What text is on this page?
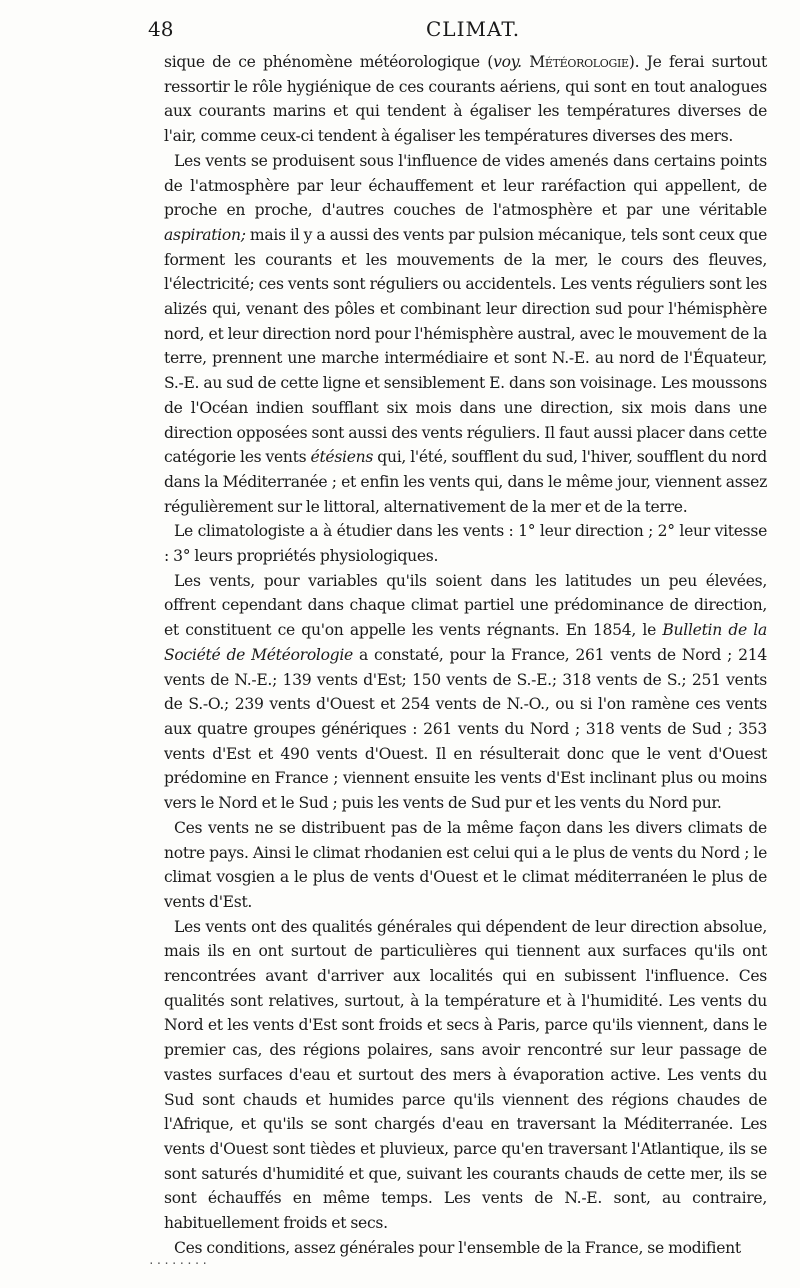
48	CLIMAT.

sique de ce phénomène météorologique (voy. Météorologie). Je ferai surtout ressortir le rôle hygiénique de ces courants aériens, qui sont en tout analogues aux courants marins et qui tendent à égaliser les températures diverses de l'air, comme ceux-ci tendent à égaliser les températures diverses des mers.

Les vents se produisent sous l'influence de vides amenés dans certains points de l'atmosphère par leur échauffement et leur raréfaction qui appellent, de proche en proche, d'autres couches de l'atmosphère et par une véritable aspiration; mais il y a aussi des vents par pulsion mécanique, tels sont ceux que forment les courants et les mouvements de la mer, le cours des fleuves, l'électricité; ces vents sont réguliers ou accidentels. Les vents réguliers sont les alizés qui, venant des pôles et combinant leur direction sud pour l'hémisphère nord, et leur direction nord pour l'hémisphère austral, avec le mouvement de la terre, prennent une marche intermédiaire et sont N.-E. au nord de l'Équateur, S.-E. au sud de cette ligne et sensiblement E. dans son voisinage. Les moussons de l'Océan indien soufflant six mois dans une direction, six mois dans une direction opposées sont aussi des vents réguliers. Il faut aussi placer dans cette catégorie les vents étésiens qui, l'été, soufflent du sud, l'hiver, soufflent du nord dans la Méditerranée ; et enfin les vents qui, dans le même jour, viennent assez régulièrement sur le littoral, alternativement de la mer et de la terre.

Le climatologiste a à étudier dans les vents : 1° leur direction ; 2° leur vitesse : 3° leurs propriétés physiologiques.

Les vents, pour variables qu'ils soient dans les latitudes un peu élevées, offrent cependant dans chaque climat partiel une prédominance de direction, et constituent ce qu'on appelle les vents régnants. En 1854, le Bulletin de la Société de Météorologie a constaté, pour la France, 261 vents de Nord ; 214 vents de N.-E.; 139 vents d'Est; 150 vents de S.-E.; 318 vents de S.; 251 vents de S.-O.; 239 vents d'Ouest et 254 vents de N.-O., ou si l'on ramène ces vents aux quatre groupes génériques : 261 vents du Nord ; 318 vents de Sud ; 353 vents d'Est et 490 vents d'Ouest. Il en résulterait donc que le vent d'Ouest prédomine en France ; viennent ensuite les vents d'Est inclinant plus ou moins vers le Nord et le Sud ; puis les vents de Sud pur et les vents du Nord pur.

Ces vents ne se distribuent pas de la même façon dans les divers climats de notre pays. Ainsi le climat rhodanien est celui qui a le plus de vents du Nord ; le climat vosgien a le plus de vents d'Ouest et le climat méditerranéen le plus de vents d'Est.

Les vents ont des qualités générales qui dépendent de leur direction absolue, mais ils en ont surtout de particulières qui tiennent aux surfaces qu'ils ont rencontrées avant d'arriver aux localités qui en subissent l'influence. Ces qualités sont relatives, surtout, à la température et à l'humidité. Les vents du Nord et les vents d'Est sont froids et secs à Paris, parce qu'ils viennent, dans le premier cas, des régions polaires, sans avoir rencontré sur leur passage de vastes surfaces d'eau et surtout des mers à évaporation active. Les vents du Sud sont chauds et humides parce qu'ils viennent des régions chaudes de l'Afrique, et qu'ils se sont chargés d'eau en traversant la Méditerranée. Les vents d'Ouest sont tièdes et pluvieux, parce qu'en traversant l'Atlantique, ils se sont saturés d'humidité et que, suivant les courants chauds de cette mer, ils se sont échauffés en même temps. Les vents de N.-E. sont, au contraire, habituellement froids et secs.

Ces conditions, assez générales pour l'ensemble de la France, se modifient

........
